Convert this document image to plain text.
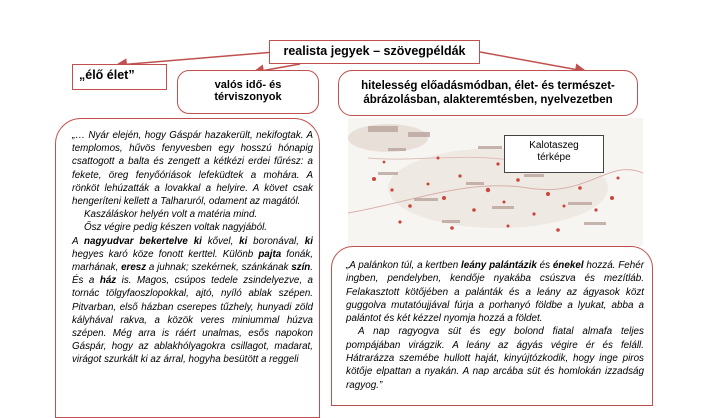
realista jegyek – szövegpéldák
„élő élet”
valós idő- és
térviszonyok
hitelesség előadásmódban, élet- és természet-
ábrázolásban, alakteremtésben, nyelvezetben

„… Nyár elején, hogy Gáspár hazakerült, nekifogtak. A templomos, hűvös fenyvesben egy hosszú hónapig csattogott a balta és zengett a kétkézi erdei fűrész: a fekete, öreg fenyőóriások lefeküdtek a mohára. A rönköt lehúzatták a lovakkal a helyire. A követ csak hengeríteni kellett a Talharuról, odament az magától.

Kaszáláskor helyén volt a matéria mind.

Ősz végire pedig készen voltak nagyjából.

A nagyudvar bekertelve ki kővel, ki boronával, ki hegyes karó köze fonott kerttel. Különb pajta fonák, marhának, eresz a juhnak; szekérnek, szánkának szín. És a ház is. Magos, csúpos tedele zsindelyezve, a tornác tölgyfaoszlopokkal, ajtó, nyíló ablak szépen. Pitvarban, első házban cserepes tűzhely, hunyadi zöld kályhával rakva, a közök veres miniummal húzva szépen. Még arra is ráért unalmas, esős napokon Gáspár, hogy az ablakhólyagokra csillagot, madarat, virágot szurkált ki az árral, hogyha besütött a reggeli

Kalotaszeg
térképe

„A palánkon túl, a kertben leány palántázik és énekel hozzá. Fehér ingben, pendelyben, kendője nyakába csúszva és mezítláb. Felakasztott kötőjében a palánták és a leány az ágyasok közt guggolva mutatóujjával fúrja a porhanyó földbe a lyukat, abba a palántot és két kézzel nyomja hozzá a földet.

A nap ragyogva süt és egy bolond fiatal almafa teljes pompájában virágzik. A leány az ágyás végire ér és feláll. Hátrarázza szemébe hullott haját, kinyújtózkodik, hogy inge piros kötője elpattan a nyakán. A nap arcába süt és homlokán izzadság ragyog.”
